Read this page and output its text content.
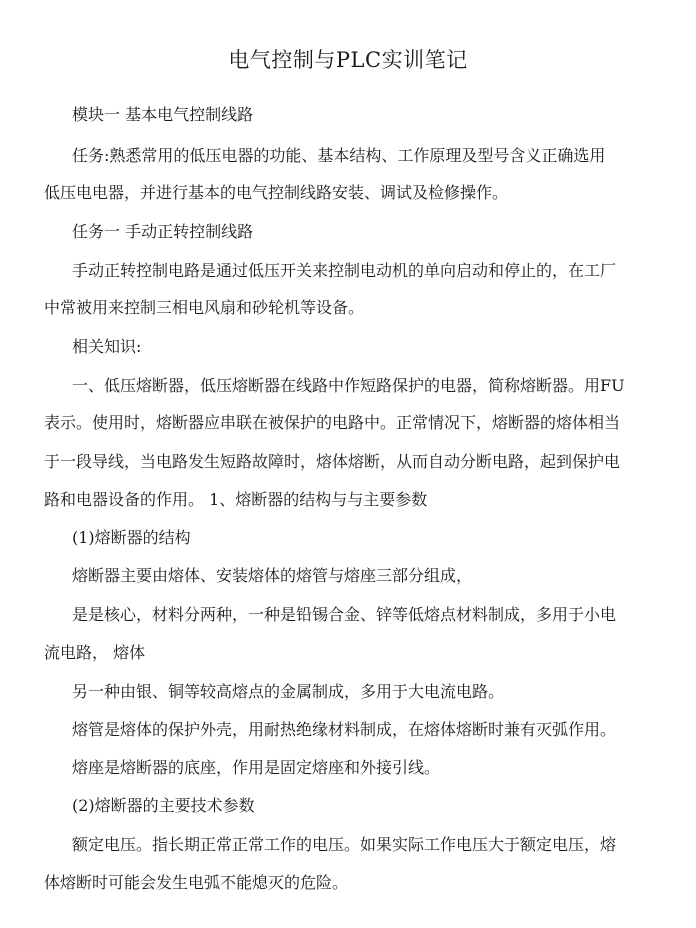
电气控制与PLC实训笔记
模块一 基本电气控制线路
任务:熟悉常用的低压电器的功能、基本结构、工作原理及型号含义正确选用
低压电电器，并进行基本的电气控制线路安装、调试及检修操作。
任务一 手动正转控制线路
手动正转控制电路是通过低压开关来控制电动机的单向启动和停止的，在工厂
中常被用来控制三相电风扇和砂轮机等设备。
相关知识:
一、低压熔断器，低压熔断器在线路中作短路保护的电器，简称熔断器。用FU
表示。使用时，熔断器应串联在被保护的电路中。正常情况下，熔断器的熔体相当
于一段导线，当电路发生短路故障时，熔体熔断，从而自动分断电路，起到保护电
路和电器设备的作用。 1、熔断器的结构与与主要参数
(1)熔断器的结构
熔断器主要由熔体、安装熔体的熔管与熔座三部分组成，
是是核心，材料分两种，一种是铅锡合金、锌等低熔点材料制成，多用于小电
流电路， 熔体
另一种由银、铜等较高熔点的金属制成，多用于大电流电路。
熔管是熔体的保护外壳，用耐热绝缘材料制成，在熔体熔断时兼有灭弧作用。
熔座是熔断器的底座，作用是固定熔座和外接引线。
(2)熔断器的主要技术参数
额定电压。指长期正常正常工作的电压。如果实际工作电压大于额定电压，熔
体熔断时可能会发生电弧不能熄灭的危险。
